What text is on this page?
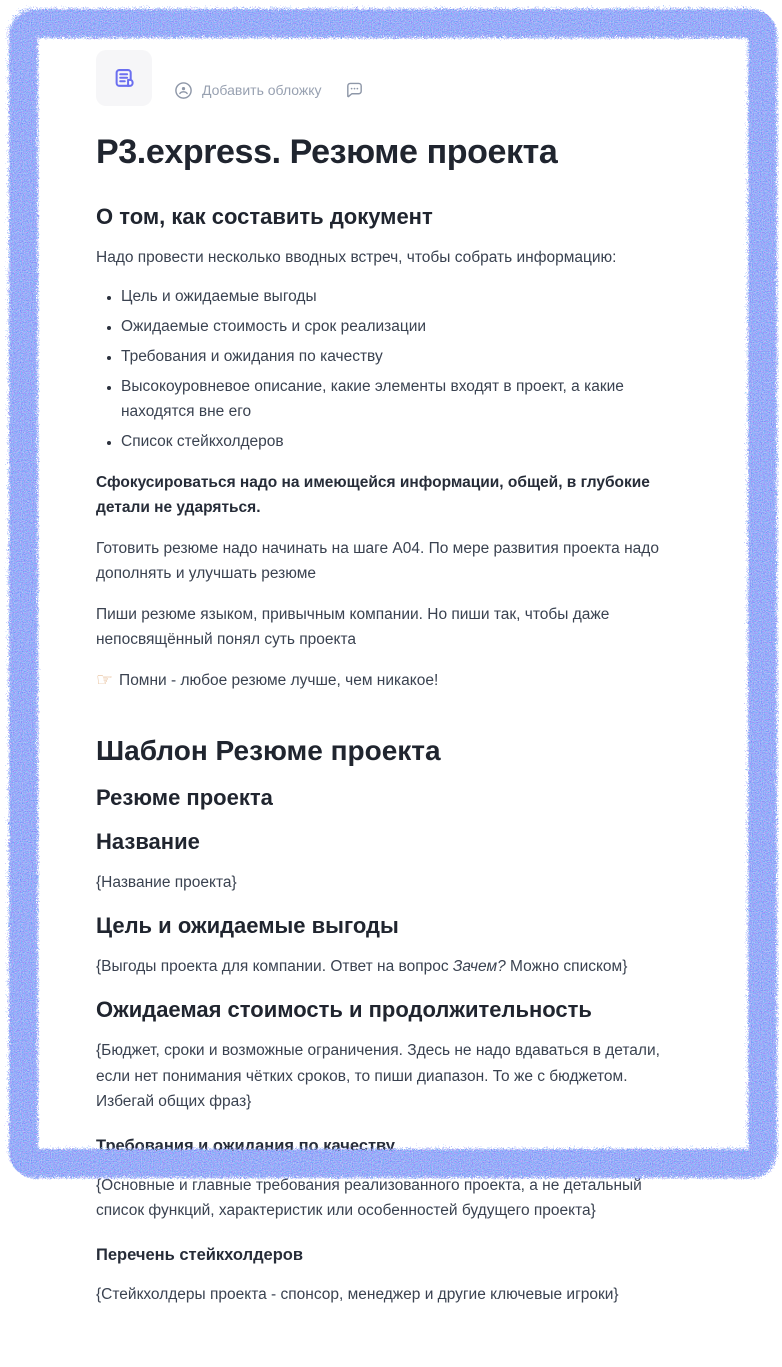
Добавить обложку
P3.express. Резюме проекта
О том, как составить документ

Надо провести несколько вводных встреч, чтобы собрать информацию:

• Цель и ожидаемые выгоды
• Ожидаемые стоимость и срок реализации
• Требования и ожидания по качеству
• Высокоуровневое описание, какие элементы входят в проект, а какие находятся вне его
• Список стейкхолдеров

Сфокусироваться надо на имеющейся информации, общей, в глубокие детали не ударяться.

Готовить резюме надо начинать на шаге A04. По мере развития проекта надо дополнять и улучшать резюме

Пиши резюме языком, привычным компании. Но пиши так, чтобы даже непосвящённый понял суть проекта

☞ Помни - любое резюме лучше, чем никакое!

Шаблон Резюме проекта
Резюме проекта
Название

{Название проекта}

Цель и ожидаемые выгоды

{Выгоды проекта для компании. Ответ на вопрос Зачем? Можно списком}

Ожидаемая стоимость и продолжительность

{Бюджет, сроки и возможные ограничения. Здесь не надо вдаваться в детали, если нет понимания чётких сроков, то пиши диапазон. То же с бюджетом. Избегай общих фраз}

Требования и ожидания по качеству

{Основные и главные требования реализованного проекта, а не детальный список функций, характеристик или особенностей будущего проекта}

Перечень стейкхолдеров

{Стейкхолдеры проекта - спонсор, менеджер и другие ключевые игроки}
